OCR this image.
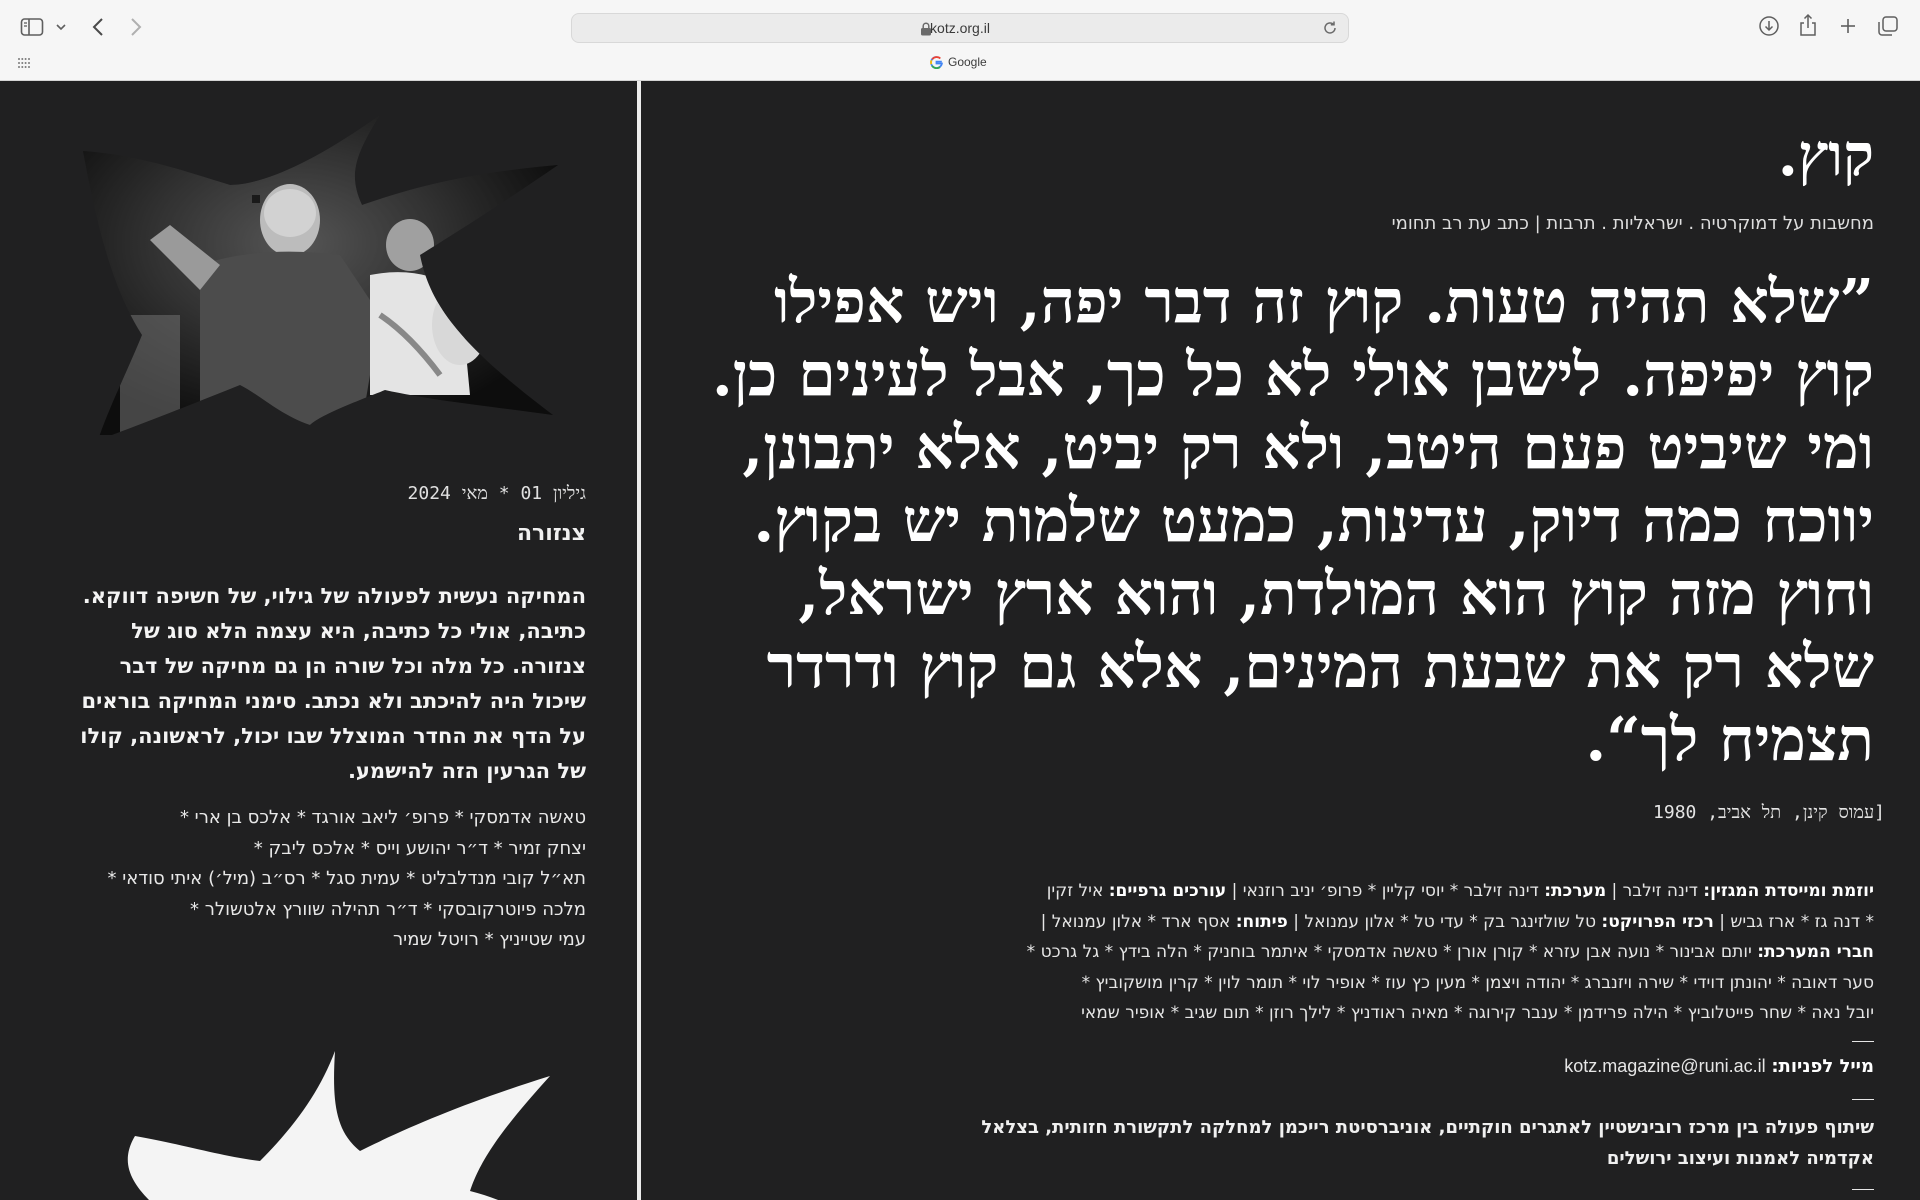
kotz.org.il
Google
גיליון 01 * מאי 2024
צנזורה

המחיקה נעשית לפעולה של גילוי, של חשיפה דווקא. כתיבה, אולי כל כתיבה, היא עצמה הלא סוג של צנזורה. כל מלה וכל שורה הן גם מחיקה של דבר שיכול היה להיכתב ולא נכתב. סימני המחיקה בוראים על הדף את החדר המוצלל שבו יכול, לראשונה, קולו של הגרעין הזה להישמע.

טאשה אדמסקי * פרופ׳ ליאב אורגד * אלכס בן ארי *
יצחק זמיר * ד״ר יהושע וייס * אלכס ליבק *
תא״ל קובי מנדלבליט * עמית סגל * רס״ב (מיל׳) איתי סודאי *
מלכה פיוטרקובסקי * ד״ר תהילה שוורץ אלטשולר *
עמי שטייניץ * רויטל שמיר
קוץ.
מחשבות על דמוקרטיה . ישראליות . תרבות | כתב עת רב תחומי
”שלא תהיה טעות. קוץ זה דבר יפה, ויש אפילו קוץ יפיפה. לישבן אולי לא כל כך, אבל לעינים כן. ומי שיביט פעם היטב, ולא רק יביט, אלא יתבונן, יווכח כמה דיוק, עדינות, כמעט שלמות יש בקוץ. וחוץ מזה קוץ הוא המולדת, והוא ארץ ישראל, שלא רק את שבעת המינים, אלא גם קוץ ודרדר תצמיח לך“.
[עמוס קינן, תל אביב, 1980
יוזמת ומייסדת המגזין: דינה זילבר | מערכת: דינה זילבר * יוסי קליין * פרופ׳ יניב רוזנאי | עורכים גרפיים: איל זקין
* דנה גז * ארז גביש | רכזי הפרויקט: טל שולזינגר בק * עדי טל * אלון עמנואל | פיתוח: אסף ארד * אלון עמנואל |
חברי המערכת: יותם אבינור * נועה אבן עזרא * קורן אורן * טאשה אדמסקי * איתמר בוחניק * הלה בידץ * גל גרכט *
סער דאובה * יהונתן דוידי * שירה ויזנברג * יהודה ויצמן * מעין כץ עוז * אופיר לוי * תומר לוין * קרין מושקוביץ *
יובל נאה * שחר פייטלוביץ * הילה פרידמן * ענבר קירוגה * מאיה ראודניץ * לילך רוזן * תום שגיב * אופיר שמאי
מייל לפניות: kotz.magazine@runi.ac.il
שיתוף פעולה בין מרכז רובינשטיין לאתגרים חוקתיים, אוניברסיטת רייכמן למחלקה לתקשורת חזותית, בצלאל אקדמיה לאמנות ועיצוב ירושלים
